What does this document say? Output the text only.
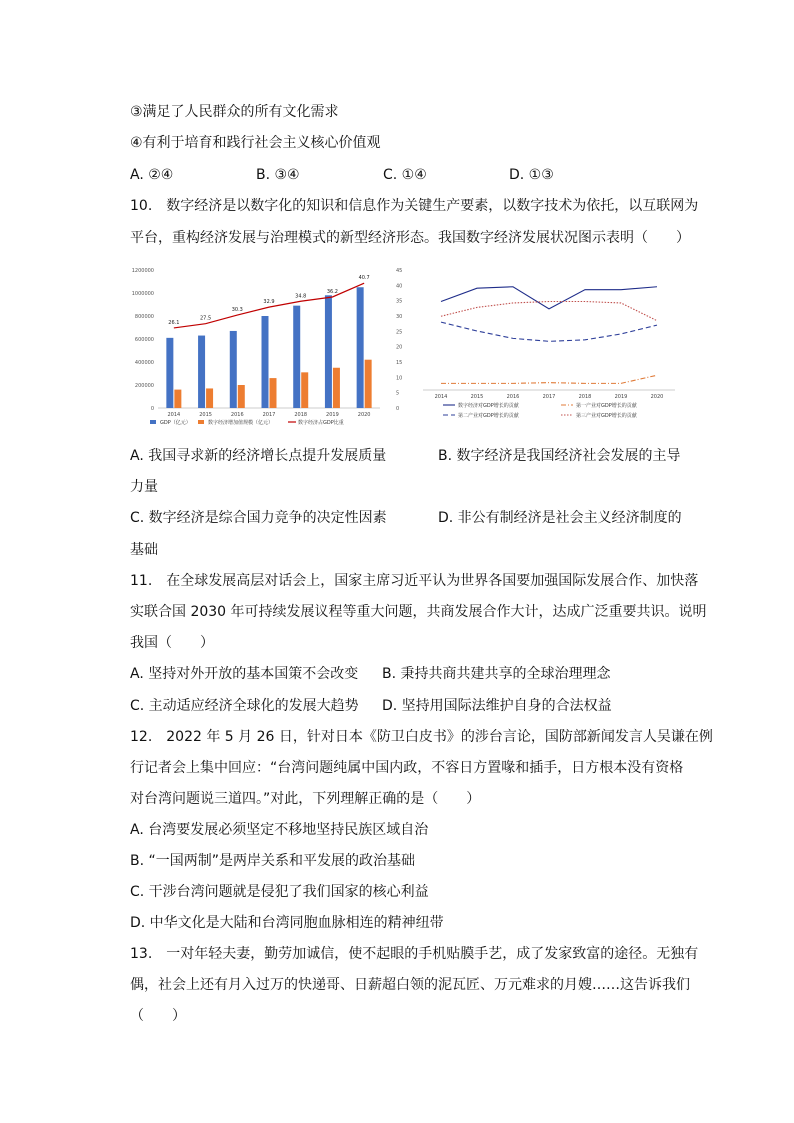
③满足了人民群众的所有文化需求
④有利于培育和践行社会主义核心价值观
A. ②④	B. ③④	C. ①④	D. ①③
10.　数字经济是以数字化的知识和信息作为关键生产要素，以数字技术为依托，以互联网为
平台，重构经济发展与治理模式的新型经济形态。我国数字经济发展状况图示表明（　　）
0
200000
400000
600000
800000
1000000
1200000
0
5
10
15
20
25
30
35
40
45
2014	2015	2016	2017	2018	2019	2020
26.1
27.5
30.3
32.9
34.8
36.2
40.7
GDP（亿元）	数字经济增加值规模（亿元）	数字经济占GDP比重
2014	2015	2016	2017	2018	2019	2020
数字经济对GDP增长的贡献	第一产业对GDP增长的贡献
第二产业对GDP增长的贡献	第三产业对GDP增长的贡献
A. 我国寻求新的经济增长点提升发展质量	B. 数字经济是我国经济社会发展的主导
力量
C. 数字经济是综合国力竞争的决定性因素	D. 非公有制经济是社会主义经济制度的
基础
11.　在全球发展高层对话会上，国家主席习近平认为世界各国要加强国际发展合作、加快落
实联合国 2030 年可持续发展议程等重大问题，共商发展合作大计，达成广泛重要共识。说明
我国（　　）
A. 坚持对外开放的基本国策不会改变 B. 秉持共商共建共享的全球治理理念
C. 主动适应经济全球化的发展大趋势 D. 坚持用国际法维护自身的合法权益
12.　2022 年 5 月 26 日，针对日本《防卫白皮书》的涉台言论，国防部新闻发言人吴谦在例
行记者会上集中回应：“台湾问题纯属中国内政，不容日方置喙和插手，日方根本没有资格
对台湾问题说三道四。”对此，下列理解正确的是（　　）
A. 台湾要发展必须坚定不移地坚持民族区域自治
B. “一国两制”是两岸关系和平发展的政治基础
C. 干涉台湾问题就是侵犯了我们国家的核心利益
D. 中华文化是大陆和台湾同胞血脉相连的精神纽带
13.　一对年轻夫妻，勤劳加诚信，使不起眼的手机贴膜手艺，成了发家致富的途径。无独有
偶，社会上还有月入过万的快递哥、日薪超白领的泥瓦匠、万元难求的月嫂……这告诉我们
（　　）
